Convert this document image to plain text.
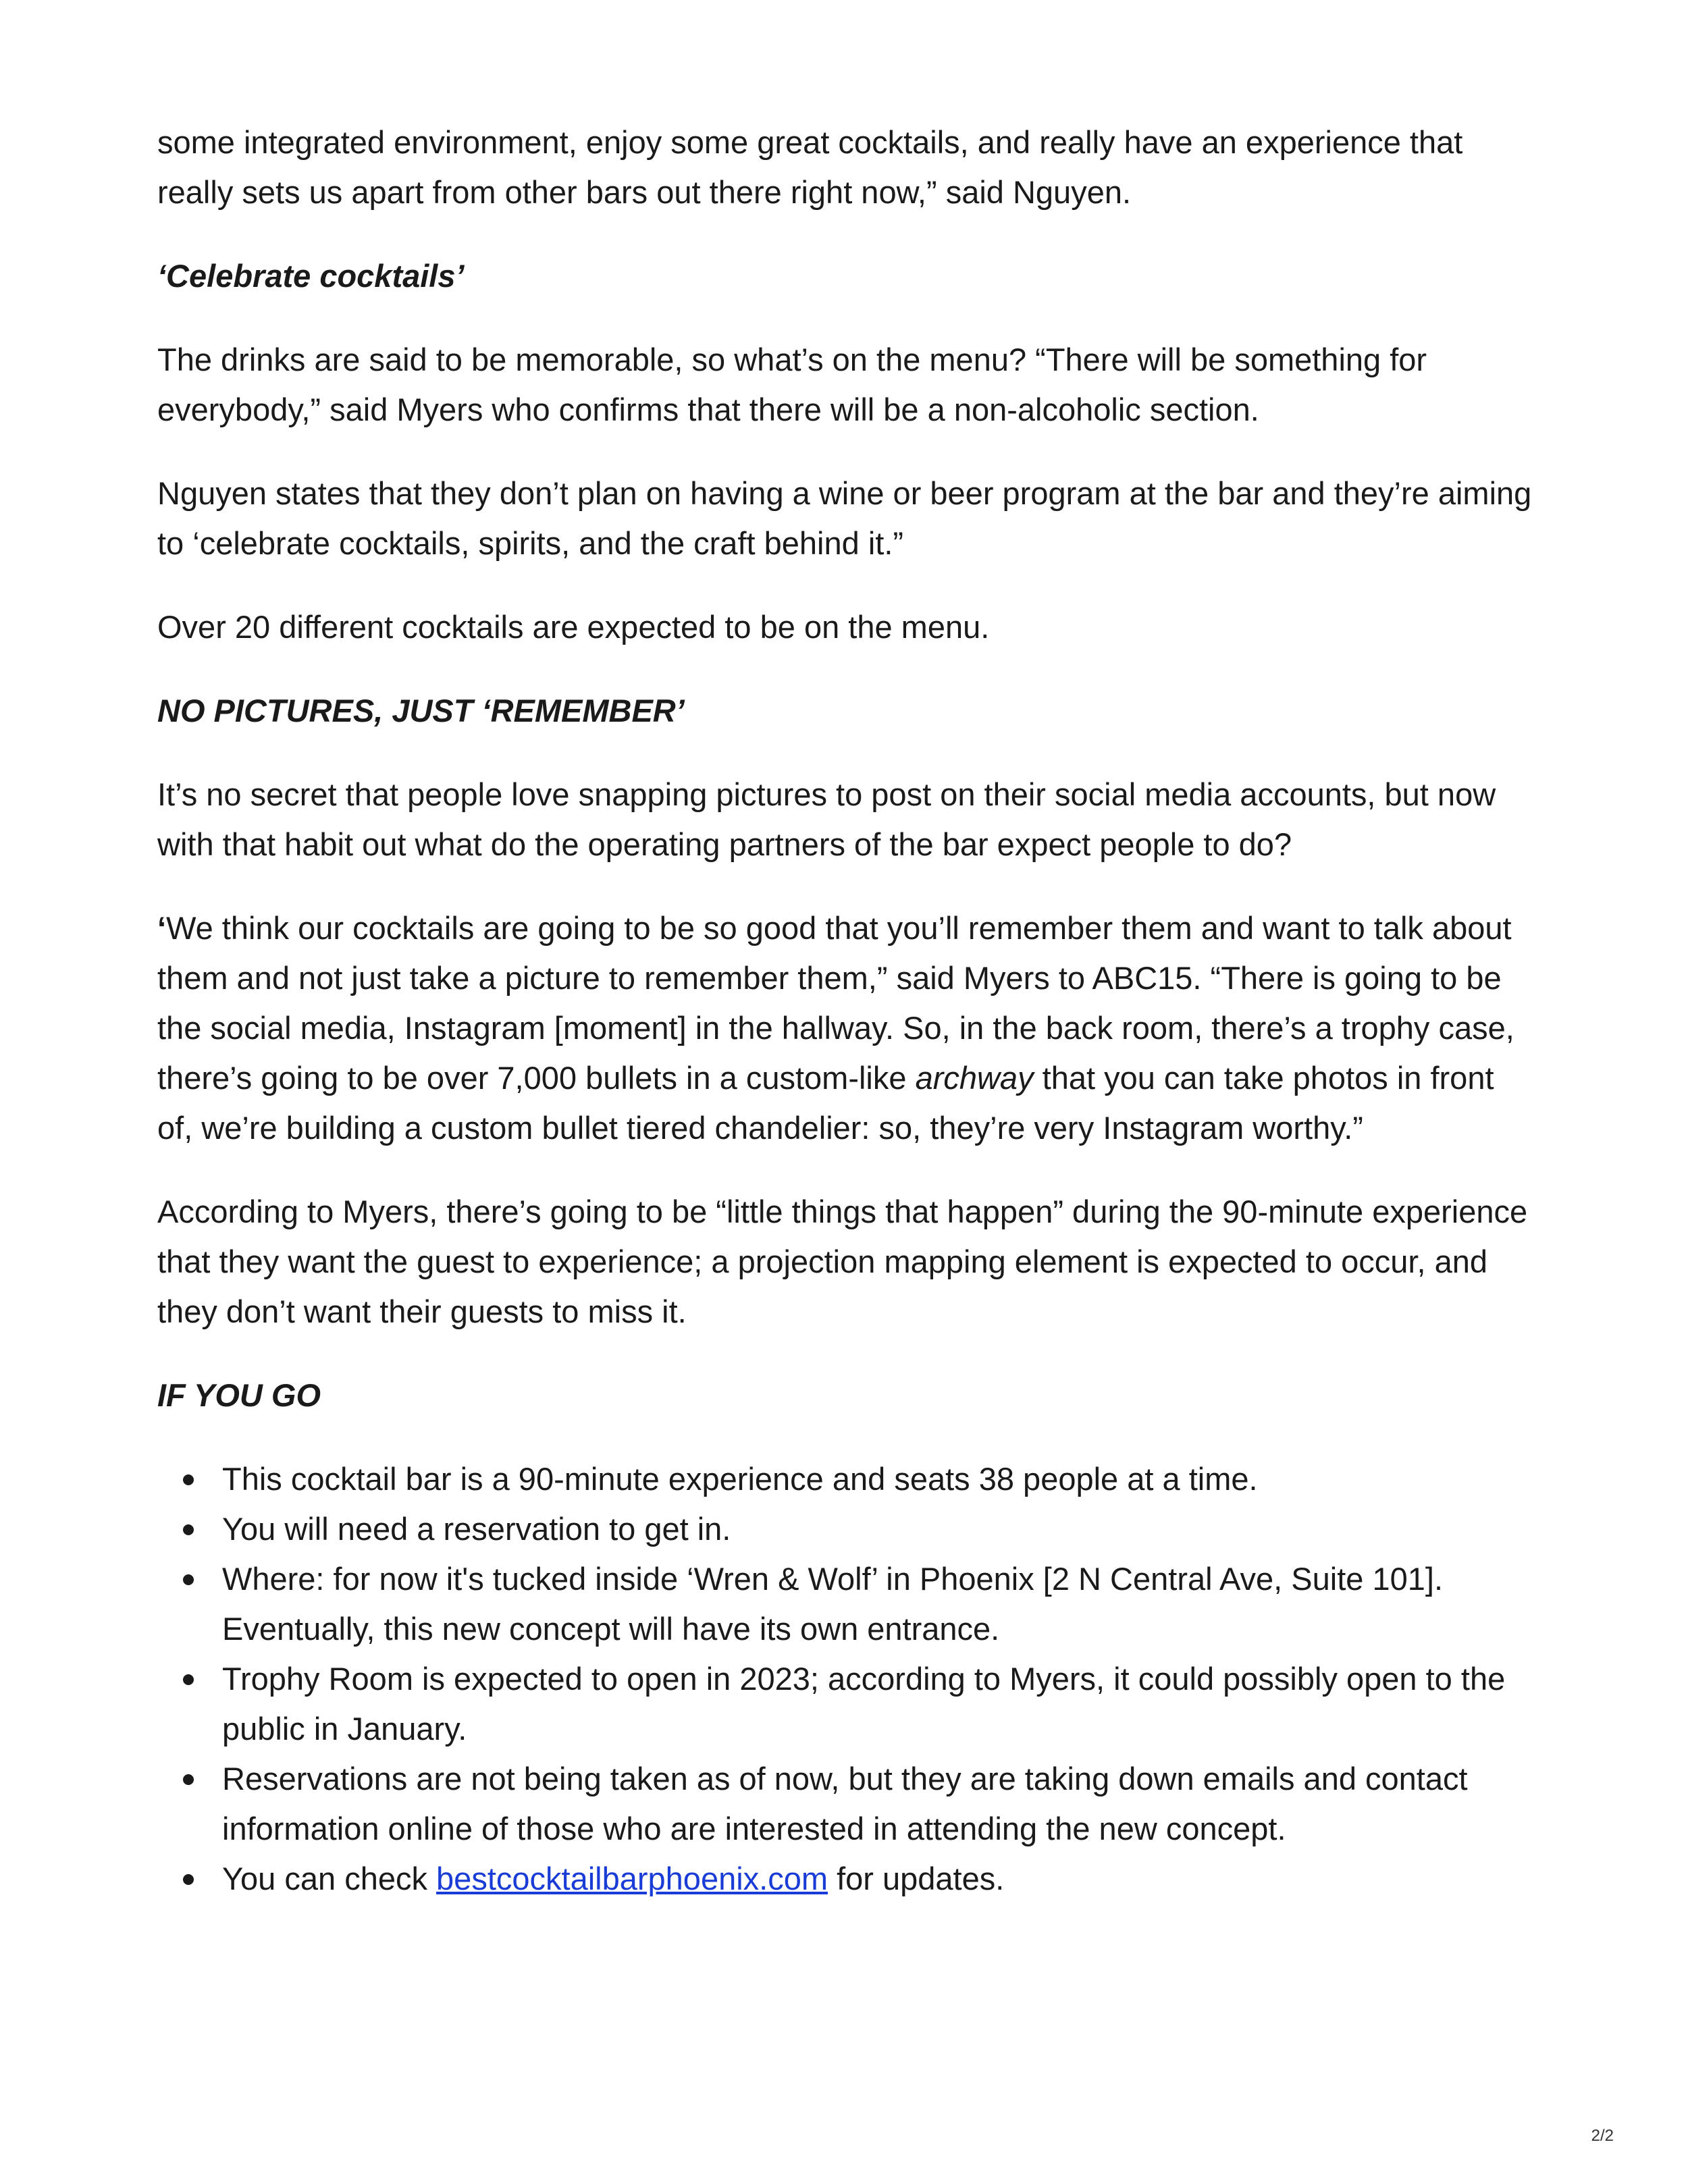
some integrated environment, enjoy some great cocktails, and really have an experience that really sets us apart from other bars out there right now,” said Nguyen.

‘Celebrate cocktails’

The drinks are said to be memorable, so what’s on the menu? “There will be something for everybody,” said Myers who confirms that there will be a non-alcoholic section.

Nguyen states that they don’t plan on having a wine or beer program at the bar and they’re aiming to ‘celebrate cocktails, spirits, and the craft behind it.”

Over 20 different cocktails are expected to be on the menu.

NO PICTURES, JUST ‘REMEMBER’

It’s no secret that people love snapping pictures to post on their social media accounts, but now with that habit out what do the operating partners of the bar expect people to do?

‘We think our cocktails are going to be so good that you’ll remember them and want to talk about them and not just take a picture to remember them,” said Myers to ABC15. “There is going to be the social media, Instagram [moment] in the hallway. So, in the back room, there’s a trophy case, there’s going to be over 7,000 bullets in a custom-like archway that you can take photos in front of, we’re building a custom bullet tiered chandelier: so, they’re very Instagram worthy.”

According to Myers, there’s going to be “little things that happen” during the 90-minute experience that they want the guest to experience; a projection mapping element is expected to occur, and they don’t want their guests to miss it.

IF YOU GO

This cocktail bar is a 90-minute experience and seats 38 people at a time.
You will need a reservation to get in.
Where: for now it's tucked inside ‘Wren & Wolf’ in Phoenix [2 N Central Ave, Suite 101]. Eventually, this new concept will have its own entrance.
Trophy Room is expected to open in 2023; according to Myers, it could possibly open to the public in January.
Reservations are not being taken as of now, but they are taking down emails and contact information online of those who are interested in attending the new concept.
You can check bestcocktailbarphoenix.com for updates.
2/2
